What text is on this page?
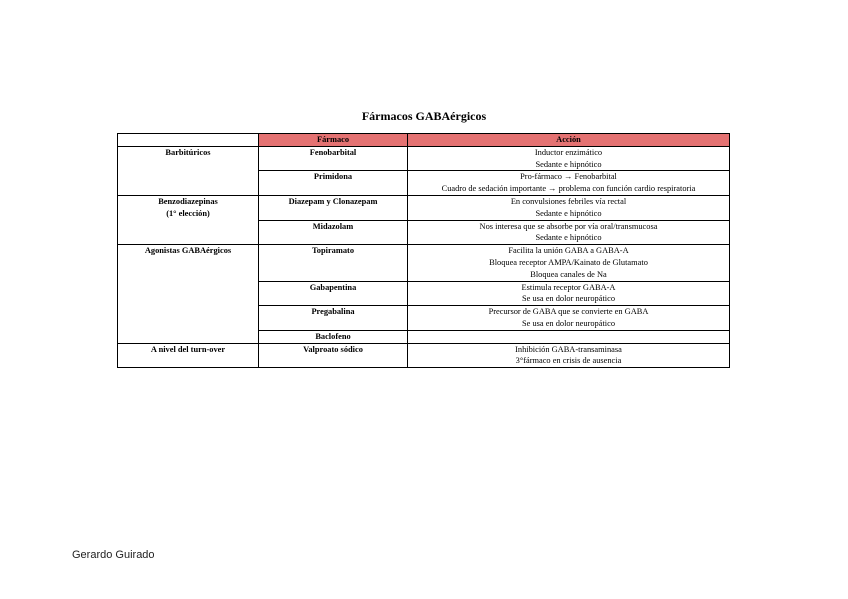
Fármacos GABAérgicos
	Fármaco	Acción
Barbitúricos	Fenobarbital	Inductor enzimático
Sedante e hipnótico

	Primidona	Pro-fármaco → Fenobarbital
Cuadro de sedación importante → problema con función cardio respiratoria

Benzodiazepinas
(1° elección)	Diazepam y Clonazepam	En convulsiones febriles vía rectal
Sedante e hipnótico

	Midazolam	Nos interesa que se absorbe por vía oral/transmucosa
Sedante e hipnótico

Agonistas GABAérgicos	Topiramato	Facilita la unión GABA a GABA-A
Bloquea receptor AMPA/Kainato de Glutamato
Bloquea canales de Na

	Gabapentina	Estimula receptor GABA-A
Se usa en dolor neuropático

	Pregabalina	Precursor de GABA que se convierte en GABA
Se usa en dolor neuropático

	Baclofeno	
A nivel del turn-over	Valproato sódico	Inhibición GABA-transaminasa
3°fármaco en crisis de ausencia
Gerardo Guirado
